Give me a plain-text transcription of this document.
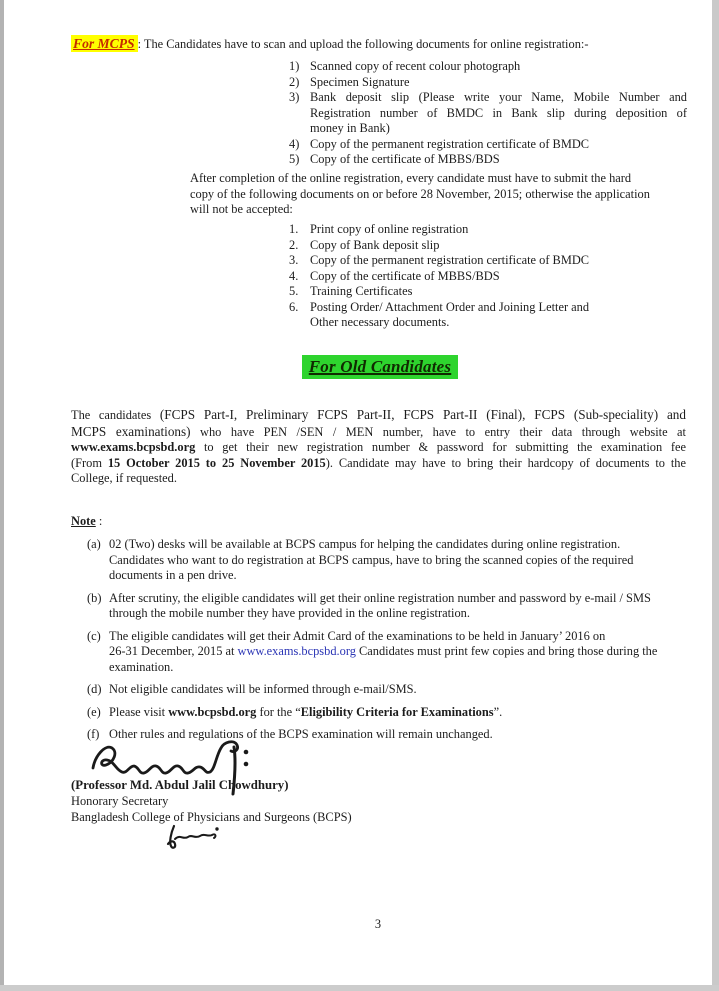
For MCPS : The Candidates have to scan and upload the following documents for online registration:-
1) Scanned copy of recent colour photograph
2) Specimen Signature
3) Bank deposit slip (Please write your Name, Mobile Number and
Registration number of BMDC in Bank slip during deposition of
money in Bank)
4) Copy of the permanent registration certificate of BMDC
5) Copy of the certificate of MBBS/BDS
After completion of the online registration, every candidate must have to submit the hard
copy of the following documents on or before 28 November, 2015; otherwise the application
will not be accepted:
1. Print copy of online registration
2. Copy of Bank deposit slip
3. Copy of the permanent registration certificate of BMDC
4. Copy of the certificate of MBBS/BDS
5. Training Certificates
6. Posting Order/ Attachment Order and Joining Letter and
Other necessary documents.
For Old Candidates
The candidates (FCPS Part-I, Preliminary FCPS Part-II, FCPS Part-II (Final), FCPS (Sub-speciality) and
MCPS examinations) who have PEN /SEN / MEN number, have to entry their data through website at
www.exams.bcpsbd.org to get their new registration number & password for submitting the examination fee
(From 15 October 2015 to 25 November 2015). Candidate may have to bring their hardcopy of documents to the
College, if requested.
Note :
(a) 02 (Two) desks will be available at BCPS campus for helping the candidates during online registration.
Candidates who want to do registration at BCPS campus, have to bring the scanned copies of the required
documents in a pen drive.
(b) After scrutiny, the eligible candidates will get their online registration number and password by e-mail / SMS
through the mobile number they have provided in the online registration.
(c) The eligible candidates will get their Admit Card of the examinations to be held in January’ 2016 on
26-31 December, 2015 at www.exams.bcpsbd.org Candidates must print few copies and bring those during the
examination.
(d) Not eligible candidates will be informed through e-mail/SMS.
(e) Please visit www.bcpsbd.org for the “Eligibility Criteria for Examinations”.
(f) Other rules and regulations of the BCPS examination will remain unchanged.
(Professor Md. Abdul Jalil Chowdhury)
Honorary Secretary
Bangladesh College of Physicians and Surgeons (BCPS)
3
